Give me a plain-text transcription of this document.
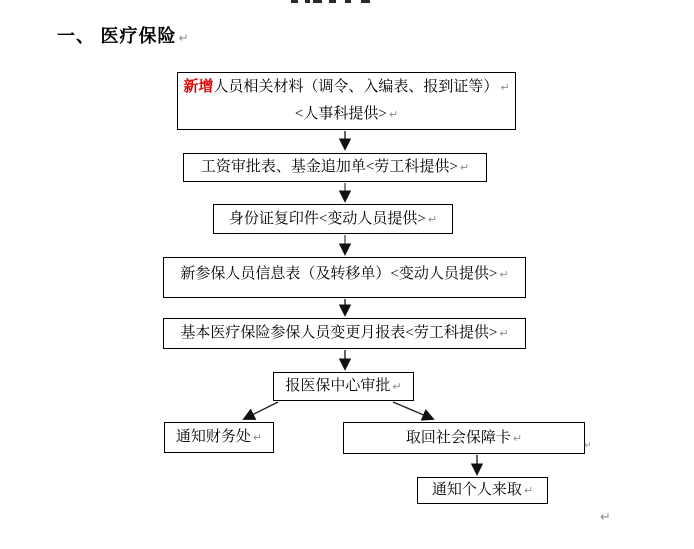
一、 医疗保险 ↵
新增人员相关材料（调令、入编表、报到证等） ↵
<人事科提供> ↵
工资审批表、基金追加单<劳工科提供> ↵
身份证复印件<变动人员提供> ↵
新参保人员信息表（及转移单）<变动人员提供> ↵
基本医疗保险参保人员变更月报表<劳工科提供> ↵
报医保中心审批 ↵
通知财务处 ↵	取回社会保障卡 ↵
通知个人来取 ↵
↵
↵
